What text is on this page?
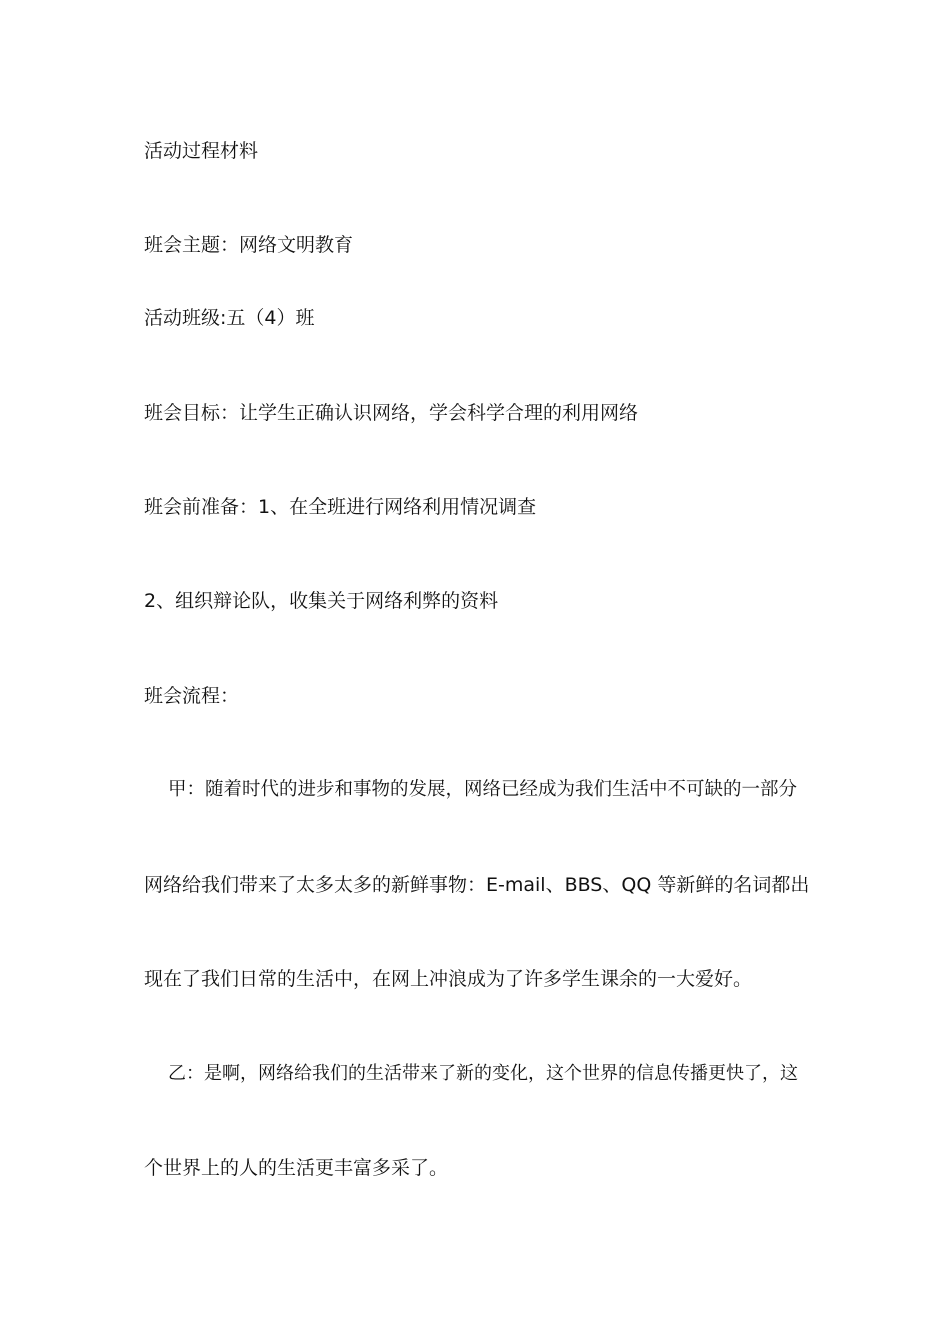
活动过程材料
班会主题：网络文明教育
活动班级:五（4）班
班会目标：让学生正确认识网络，学会科学合理的利用网络
班会前准备：1、在全班进行网络利用情况调查
2、组织辩论队，收集关于网络利弊的资料
班会流程：
甲：随着时代的进步和事物的发展，网络已经成为我们生活中不可缺的一部分
网络给我们带来了太多太多的新鲜事物：E-mail、BBS、QQ 等新鲜的名词都出
现在了我们日常的生活中，在网上冲浪成为了许多学生课余的一大爱好。
乙：是啊，网络给我们的生活带来了新的变化，这个世界的信息传播更快了，这
个世界上的人的生活更丰富多采了。
